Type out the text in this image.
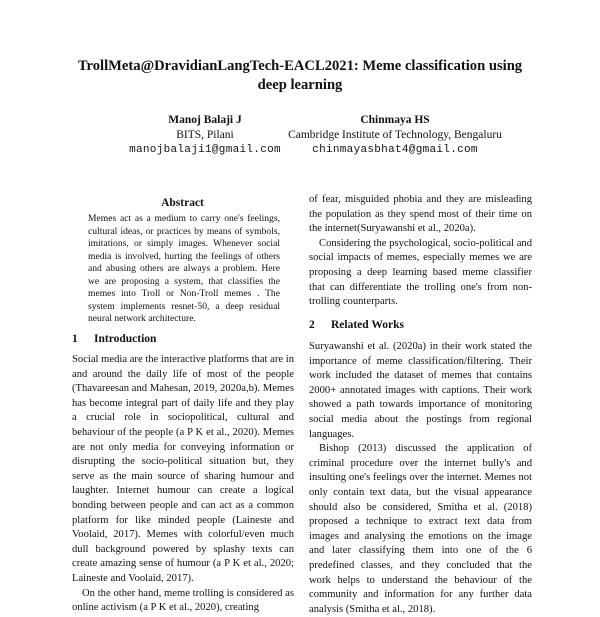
TrollMeta@DravidianLangTech-EACL2021: Meme classification using
deep learning
Manoj Balaji J
BITS, Pilani
manojbalaji1@gmail.com
Chinmaya HS
Cambridge Institute of Technology, Bengaluru
chinmayasbhat4@gmail.com
Abstract
Memes act as a medium to carry one's feelings, cultural ideas, or practices by means of symbols, imitations, or simply images. Whenever social media is involved, hurting the feelings of others and abusing others are always a problem. Here we are proposing a system, that classifies the memes into Troll or Non-Troll memes . The system implements resnet-50, a deep residual neural network architecture.
1 Introduction

Social media are the interactive platforms that are in and around the daily life of most of the people (Thavareesan and Mahesan, 2019, 2020a,b). Memes has become integral part of daily life and they play a crucial role in sociopolitical, cultural and behaviour of the people (a P K et al., 2020). Memes are not only media for conveying information or disrupting the socio-political situation but, they serve as the main source of sharing humour and laughter. Internet humour can create a logical bonding between people and can act as a common platform for like minded people (Laineste and Voolaid, 2017). Memes with colorful/even much dull background powered by splashy texts can create amazing sense of humour (a P K et al., 2020; Laineste and Voolaid, 2017).

On the other hand, meme trolling is considered as online activism (a P K et al., 2020), creating

of fear, misguided phobia and they are misleading the population as they spend most of their time on the internet(Suryawanshi et al., 2020a).

Considering the psychological, socio-political and social impacts of memes, especially memes we are proposing a deep learning based meme classifier that can differentiate the trolling one's from non-trolling counterparts.

2 Related Works

Suryawanshi et al. (2020a) in their work stated the importance of meme classification/filtering. Their work included the dataset of memes that contains 2000+ annotated images with captions. Their work showed a path towards importance of monitoring social media about the postings from regional languages.

Bishop (2013) discussed the application of criminal procedure over the internet bully's and insulting one's feelings over the internet. Memes not only contain text data, but the visual appearance should also be considered, Smitha et al. (2018) proposed a technique to extract text data from images and analysing the emotions on the image and later classifying them into one of the 6 predefined classes, and they concluded that the work helps to understand the behaviour of the community and information for any further data analysis (Smitha et al., 2018).
